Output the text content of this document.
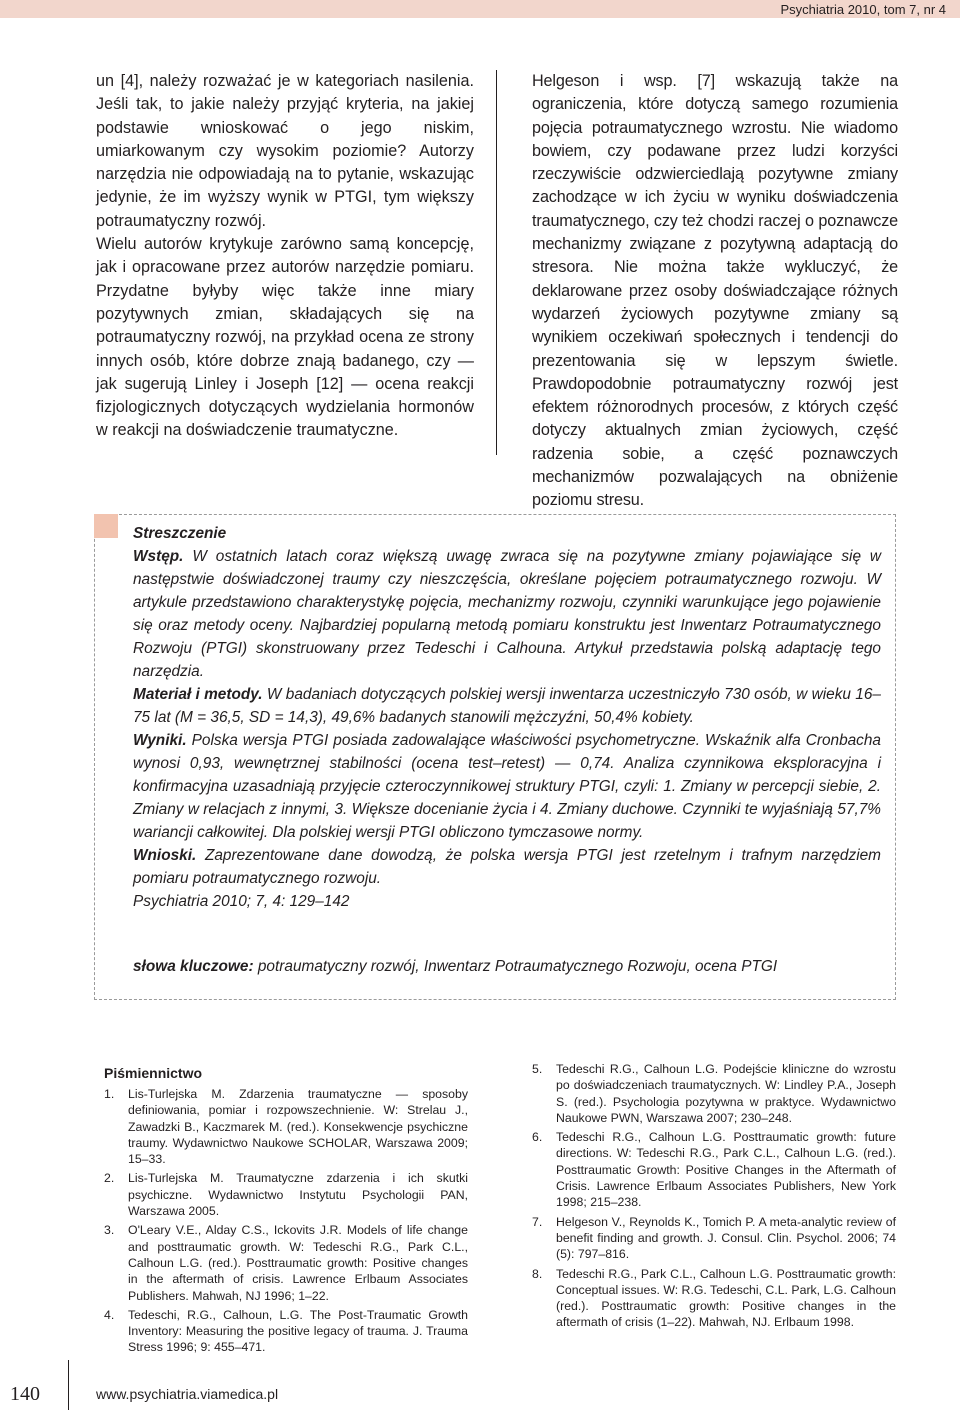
Psychiatria 2010, tom 7, nr 4

un [4], należy rozważać je w kategoriach nasilenia. Jeśli tak, to jakie należy przyjąć kryteria, na jakiej podstawie wnioskować o jego niskim, umiarkowanym czy wysokim poziomie? Autorzy narzędzia nie odpowiadają na to pytanie, wskazując jedynie, że im wyższy wynik w PTGI, tym większy potraumatyczny rozwój.

Wielu autorów krytykuje zarówno samą koncepcję, jak i opracowane przez autorów narzędzie pomiaru. Przydatne byłyby więc także inne miary pozytywnych zmian, składających się na potraumatyczny rozwój, na przykład ocena ze strony innych osób, które dobrze znają badanego, czy — jak sugerują Linley i Joseph [12] — ocena reakcji fizjologicznych dotyczących wydzielania hormonów w reakcji na doświadczenie traumatyczne.

Helgeson i wsp. [7] wskazują także na ograniczenia, które dotyczą samego rozumienia pojęcia potraumatycznego wzrostu. Nie wiadomo bowiem, czy podawane przez ludzi korzyści rzeczywiście odzwierciedlają pozytywne zmiany zachodzące w ich życiu w wyniku doświadczenia traumatycznego, czy też chodzi raczej o poznawcze mechanizmy związane z pozytywną adaptacją do stresora. Nie można także wykluczyć, że deklarowane przez osoby doświadczające różnych wydarzeń życiowych pozytywne zmiany są wynikiem oczekiwań społecznych i tendencji do prezentowania się w lepszym świetle. Prawdopodobnie potraumatyczny rozwój jest efektem różnorodnych procesów, z których część dotyczy aktualnych zmian życiowych, część radzenia sobie, a część poznawczych mechanizmów pozwalających na obniżenie poziomu stresu.

Streszczenie

Wstęp. W ostatnich latach coraz większą uwagę zwraca się na pozytywne zmiany pojawiające się w następstwie doświadczonej traumy czy nieszczęścia, określane pojęciem potraumatycznego rozwoju. W artykule przedstawiono charakterystykę pojęcia, mechanizmy rozwoju, czynniki warunkujące jego pojawienie się oraz metody oceny. Najbardziej popularną metodą pomiaru konstruktu jest Inwentarz Potraumatycznego Rozwoju (PTGI) skonstruowany przez Tedeschi i Calhouna. Artykuł przedstawia polską adaptację tego narzędzia.

Materiał i metody. W badaniach dotyczących polskiej wersji inwentarza uczestniczyło 730 osób, w wieku 16–75 lat (M = 36,5, SD = 14,3), 49,6% badanych stanowili mężczyźni, 50,4% kobiety.

Wyniki. Polska wersja PTGI posiada zadowalające właściwości psychometryczne. Wskaźnik alfa Cronbacha wynosi 0,93, wewnętrznej stabilności (ocena test–retest) — 0,74. Analiza czynnikowa eksploracyjna i konfirmacyjna uzasadniają przyjęcie czteroczynnikowej struktury PTGI, czyli: 1. Zmiany w percepcji siebie, 2. Zmiany w relacjach z innymi, 3. Większe docenianie życia i 4. Zmiany duchowe. Czynniki te wyjaśniają 57,7% wariancji całkowitej. Dla polskiej wersji PTGI obliczono tymczasowe normy.

Wnioski. Zaprezentowane dane dowodzą, że polska wersja PTGI jest rzetelnym i trafnym narzędziem pomiaru potraumatycznego rozwoju.

Psychiatria 2010; 7, 4: 129–142

słowa kluczowe: potraumatyczny rozwój, Inwentarz Potraumatycznego Rozwoju, ocena PTGI
Piśmiennictwo
1. Lis-Turlejska M. Zdarzenia traumatyczne — sposoby definiowania, pomiar i rozpowszechnienie. W: Strelau J., Zawadzki B., Kaczmarek M. (red.). Konsekwencje psychiczne traumy. Wydawnictwo Naukowe SCHOLAR, Warszawa 2009; 15–33.
2. Lis-Turlejska M. Traumatyczne zdarzenia i ich skutki psychiczne. Wydawnictwo Instytutu Psychologii PAN, Warszawa 2005.
3. O'Leary V.E., Alday C.S., Ickovits J.R. Models of life change and posttraumatic growth. W: Tedeschi R.G., Park C.L., Calhoun L.G. (red.). Posttraumatic growth: Positive changes in the aftermath of crisis. Lawrence Erlbaum Associates Publishers. Mahwah, NJ 1996; 1–22.
4. Tedeschi, R.G., Calhoun, L.G. The Post-Traumatic Growth Inventory: Measuring the positive legacy of trauma. J. Trauma Stress 1996; 9: 455–471.
5. Tedeschi R.G., Calhoun L.G. Podejście kliniczne do wzrostu po doświadczeniach traumatycznych. W: Lindley P.A., Joseph S. (red.). Psychologia pozytywna w praktyce. Wydawnictwo Naukowe PWN, Warszawa 2007; 230–248.
6. Tedeschi R.G., Calhoun L.G. Posttraumatic growth: future directions. W: Tedeschi R.G., Park C.L., Calhoun L.G. (red.). Posttraumatic Growth: Positive Changes in the Aftermath of Crisis. Lawrence Erlbaum Associates Publishers, New York 1998; 215–238.
7. Helgeson V., Reynolds K., Tomich P. A meta-analytic review of benefit finding and growth. J. Consul. Clin. Psychol. 2006; 74 (5): 797–816.
8. Tedeschi R.G., Park C.L., Calhoun L.G. Posttraumatic growth: Conceptual issues. W: R.G. Tedeschi, C.L. Park, L.G. Calhoun (red.). Posttraumatic growth: Positive changes in the aftermath of crisis (1–22). Mahwah, NJ. Erlbaum 1998.
140	www.psychiatria.viamedica.pl
